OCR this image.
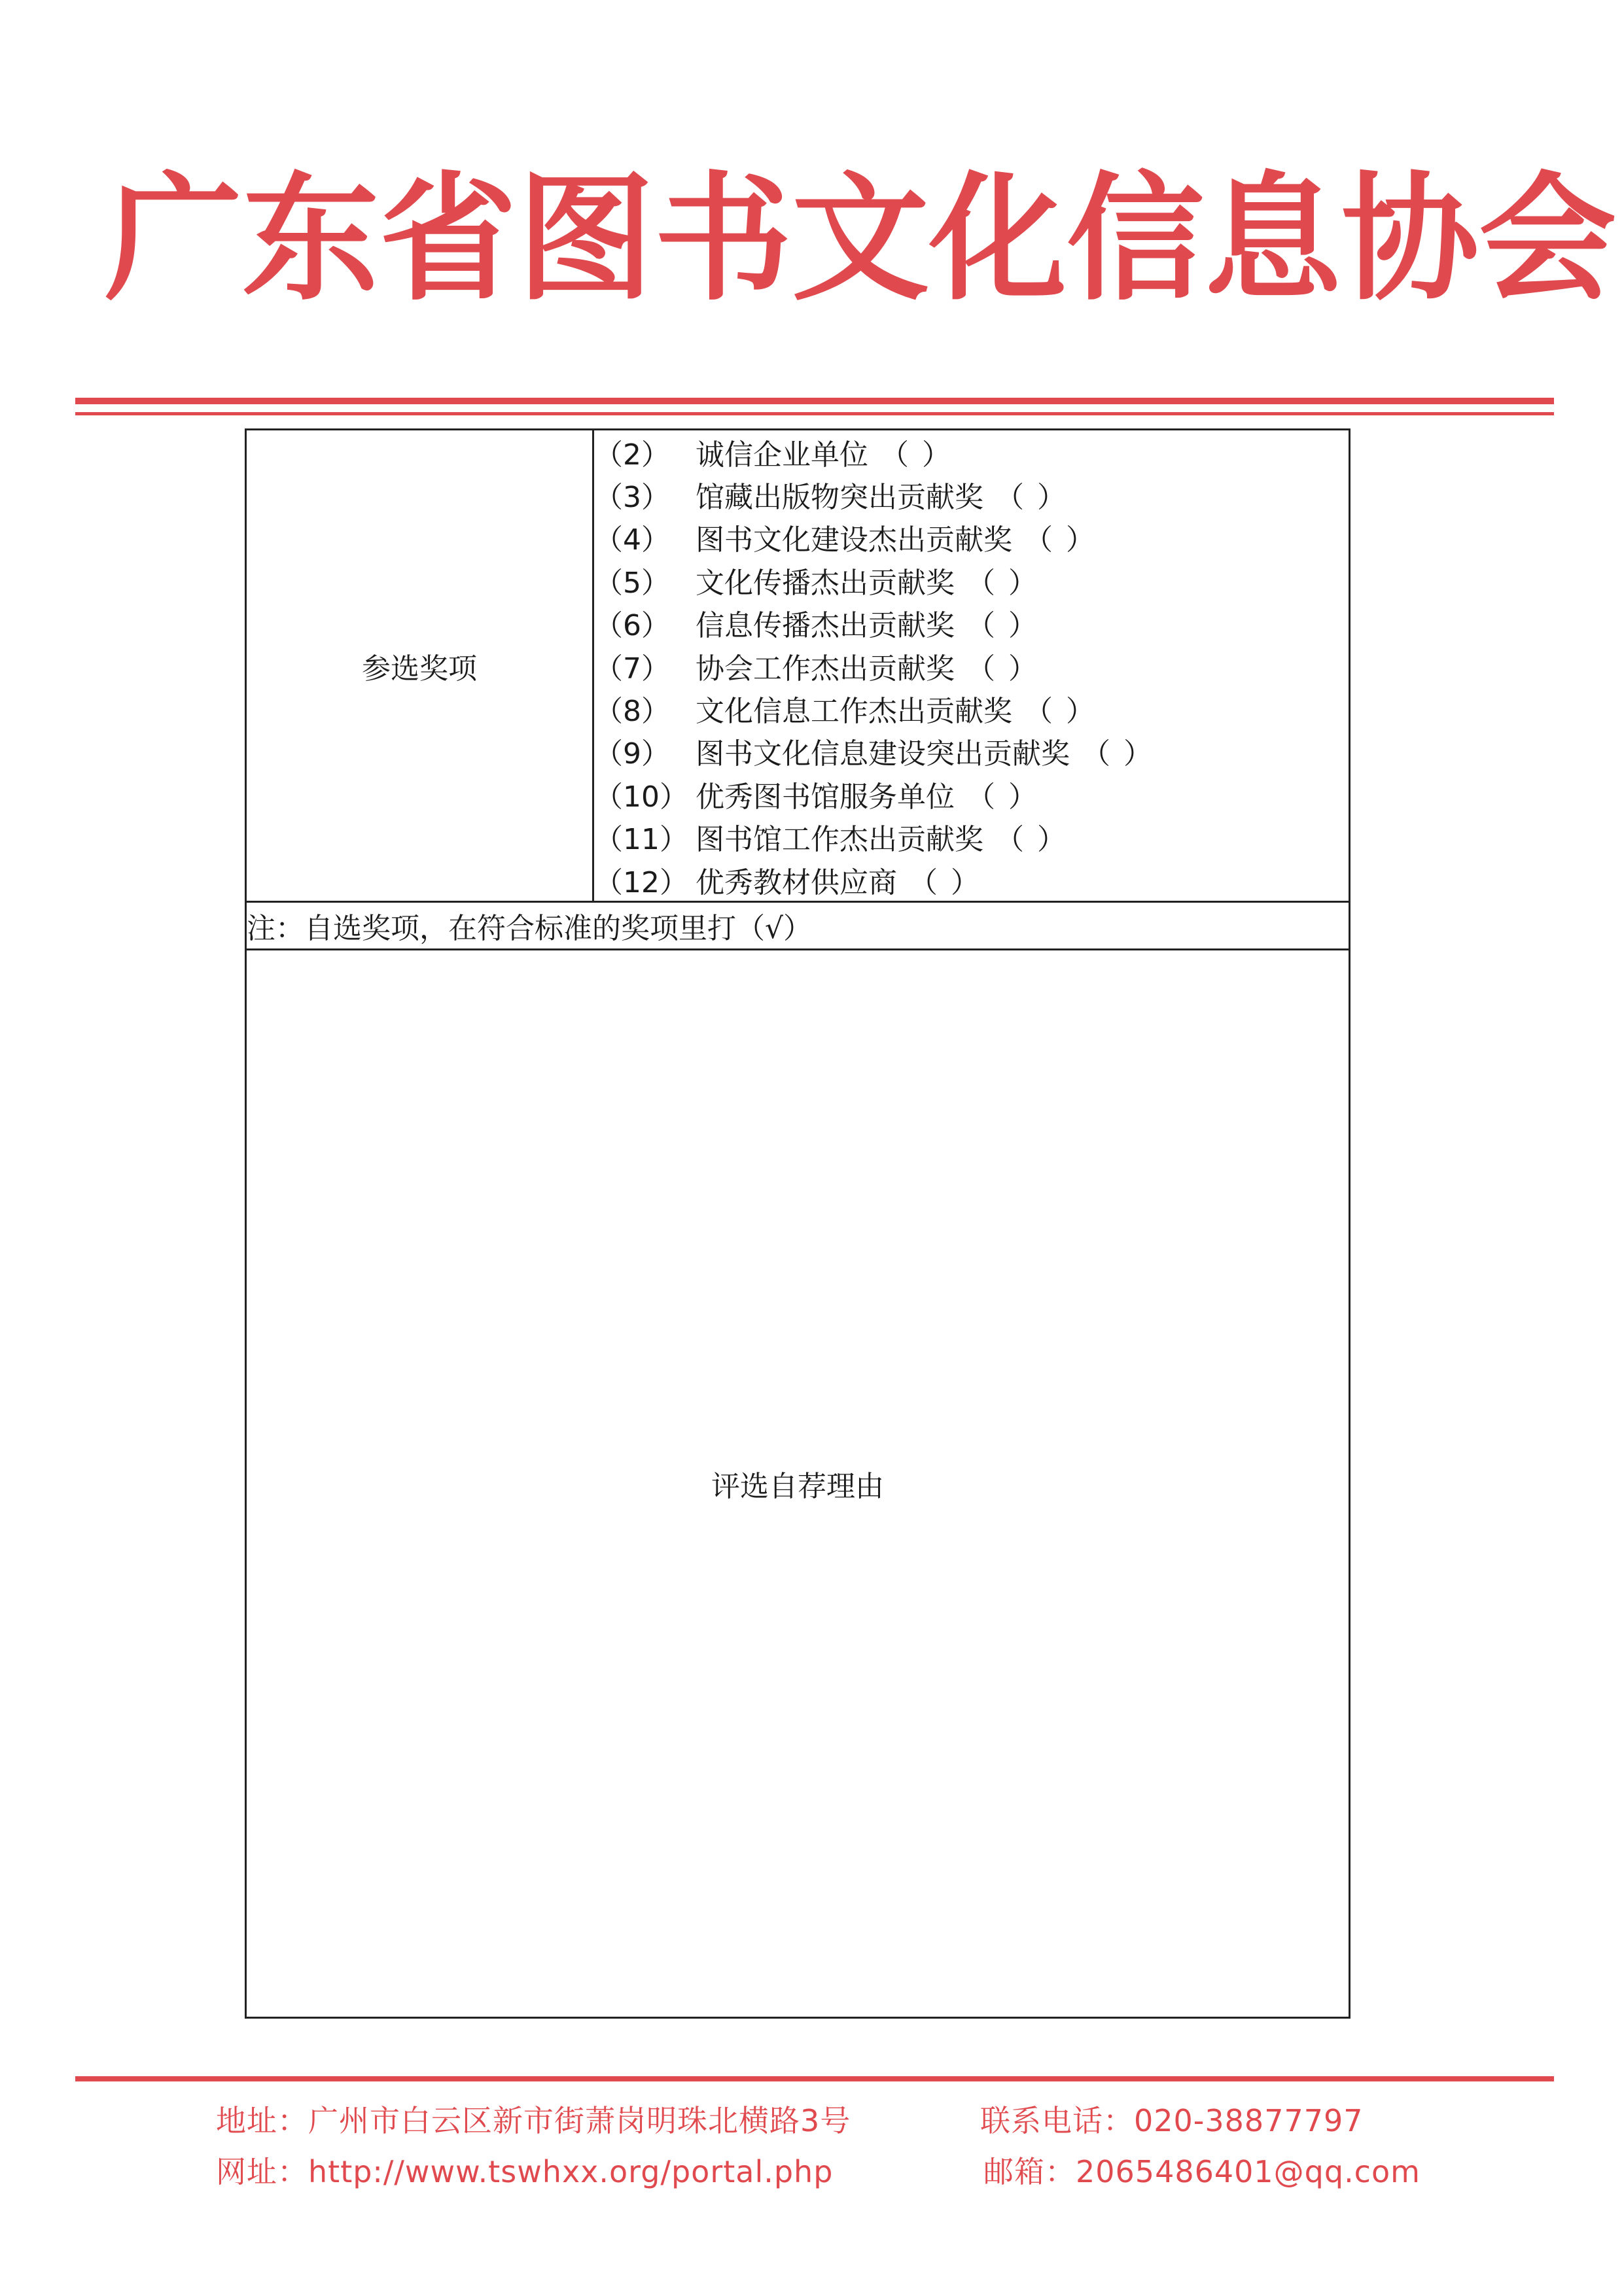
广 东 省 图 书 文 化 信 息 协 会
参选奖项	
（2） 诚信企业单位 （）
（3） 馆藏出版物突出贡献奖 （）
（4） 图书文化建设杰出贡献奖 （）
（5） 文化传播杰出贡献奖 （）
（6） 信息传播杰出贡献奖 （）
（7） 协会工作杰出贡献奖 （）
（8） 文化信息工作杰出贡献奖 （）
（9） 图书文化信息建设突出贡献奖 （）
（10） 优秀图书馆服务单位 （）
（11） 图书馆工作杰出贡献奖 （）
（12） 优秀教材供应商 （）

注：自选奖项，在符合标准的奖项里打（√）
评选自荐理由
地址：广州市白云区新市街萧岗明珠北横路3号	联系电话：020-38877797
网址：http://www.tswhxx.org/portal.php	邮箱：2065486401@qq.com
